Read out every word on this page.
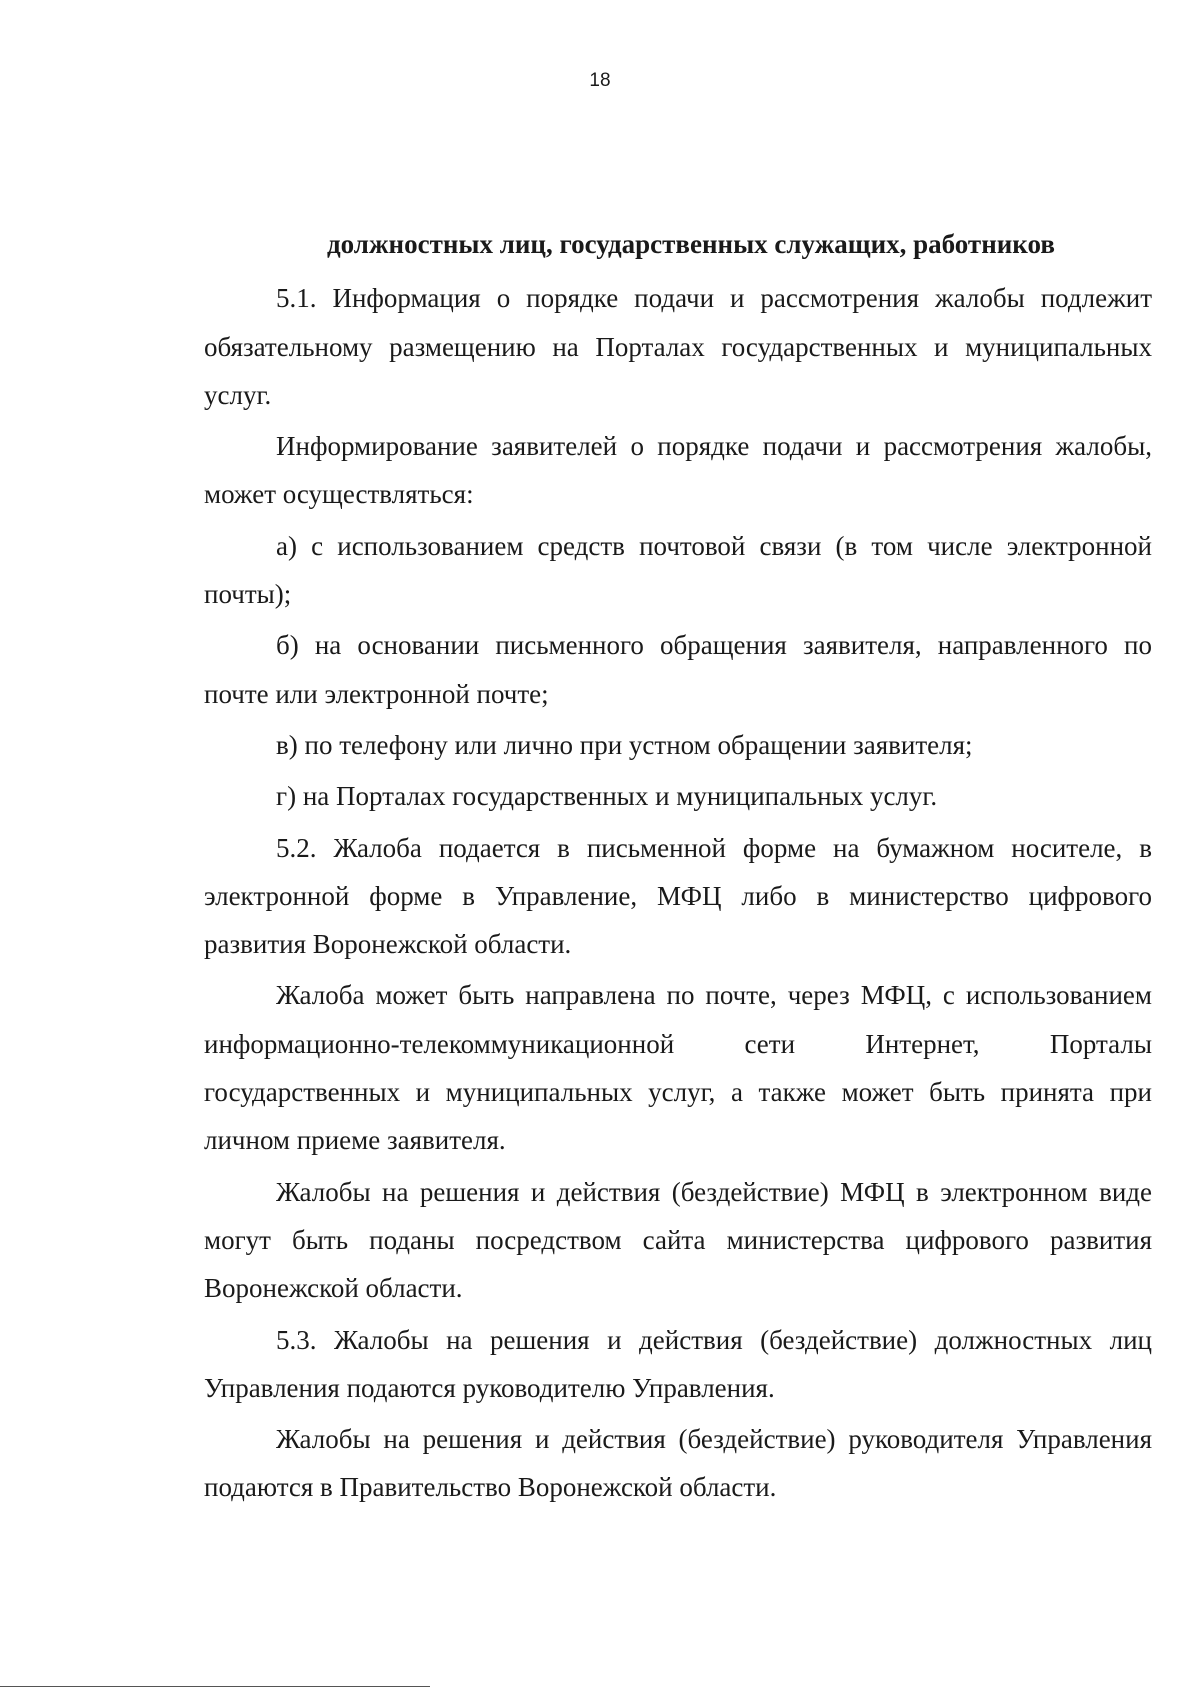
18

должностных лиц, государственных служащих, работников

5.1. Информация о порядке подачи и рассмотрения жалобы подлежит обязательному размещению на Порталах государственных и муниципальных услуг.

Информирование заявителей о порядке подачи и рассмотрения жалобы, может осуществляться:

а) с использованием средств почтовой связи (в том числе электронной почты);

б) на основании письменного обращения заявителя, направленного по почте или электронной почте;

в) по телефону или лично при устном обращении заявителя;

г) на Порталах государственных и муниципальных услуг.

5.2. Жалоба подается в письменной форме на бумажном носителе, в электронной форме в Управление, МФЦ либо в министерство цифрового развития Воронежской области.

Жалоба может быть направлена по почте, через МФЦ, с использованием
информационно-телекоммуникационной сети Интернет, Порталы

государственных и муниципальных услуг, а также может быть принята при личном приеме заявителя.

Жалобы на решения и действия (бездействие) МФЦ в электронном виде могут быть поданы посредством сайта министерства цифрового развития Воронежской области.

5.3. Жалобы на решения и действия (бездействие) должностных лиц Управления подаются руководителю Управления.

Жалобы на решения и действия (бездействие) руководителя Управления подаются в Правительство Воронежской области.
